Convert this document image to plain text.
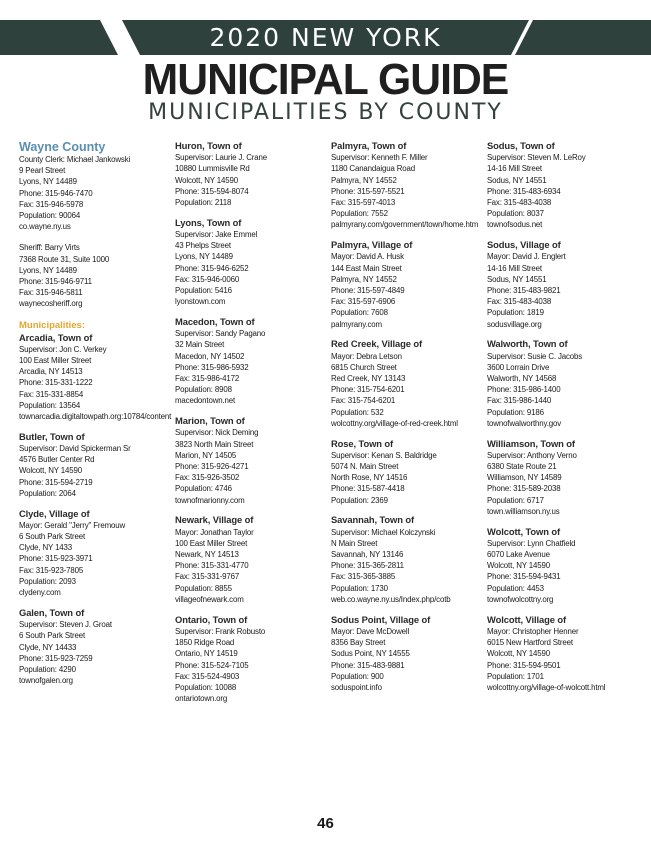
2020 NEW YORK
MUNICIPAL GUIDE
MUNICIPALITIES BY COUNTY
Wayne County
County Clerk: Michael Jankowski
9 Pearl Street
Lyons, NY 14489
Phone: 315-946-7470
Fax: 315-946-5978
Population: 90064
co.wayne.ny.us
Sheriff: Barry Virts
7368 Route 31, Suite 1000
Lyons, NY 14489
Phone: 315-946-9711
Fax: 315-946-5811
waynecosheriff.org
Municipalities:
Arcadia, Town of
Supervisor: Jon C. Verkey
100 East Miller Street
Arcadia, NY 14513
Phone: 315-331-1222
Fax: 315-331-8854
Population: 13564
townarcadia.digitaltowpath.org:10784/content
Butler, Town of
Supervisor: David Spickerman Sr
4576 Butler Center Rd
Wolcott, NY 14590
Phone: 315-594-2719
Population: 2064
Clyde, Village of
Mayor: Gerald "Jerry" Fremouw
6 South Park Street
Clyde, NY 1433
Phone: 315-923-3971
Fax: 315-923-7805
Population: 2093
clydeny.com
Galen, Town of
Supervisor: Steven J. Groat
6 South Park Street
Clyde, NY 14433
Phone: 315-923-7259
Population: 4290
townofgalen.org
Huron, Town of
Supervisor: Laurie J. Crane
10880 Lummisville Rd
Wolcott, NY 14590
Phone: 315-594-8074
Population: 2118
Lyons, Town of
Supervisor: Jake Emmel
43 Phelps Street
Lyons, NY 14489
Phone: 315-946-6252
Fax: 315-946-0060
Population: 5416
lyonstown.com
Macedon, Town of
Supervisor: Sandy Pagano
32 Main Street
Macedon, NY 14502
Phone: 315-986-5932
Fax: 315-986-4172
Population: 8908
macedontown.net
Marion, Town of
Supervisor: Nick Deming
3823 North Main Street
Marion, NY 14505
Phone: 315-926-4271
Fax: 315-926-3502
Population: 4746
townofmarionny.com
Newark, Village of
Mayor: Jonathan Taylor
100 East Miller Street
Newark, NY 14513
Phone: 315-331-4770
Fax: 315-331-9767
Population: 8855
villageofnewark.com
Ontario, Town of
Supervisor: Frank Robusto
1850 Ridge Road
Ontario, NY 14519
Phone: 315-524-7105
Fax: 315-524-4903
Population: 10088
ontariotown.org
Palmyra, Town of
Supervisor: Kenneth F. Miller
1180 Canandaigua Road
Palmyra, NY 14552
Phone: 315-597-5521
Fax: 315-597-4013
Population: 7552
palmyrany.com/government/town/home.htm
Palmyra, Village of
Mayor: David A. Husk
144 East Main Street
Palmyra, NY 14552
Phone: 315-597-4849
Fax: 315-597-6906
Population: 7608
palmyrany.com
Red Creek, Village of
Mayor: Debra Letson
6815 Church Street
Red Creek, NY 13143
Phone: 315-754-6201
Fax: 315-754-6201
Population: 532
wolcottny.org/village-of-red-creek.html
Rose, Town of
Supervisor: Kenan S. Baldridge
5074 N. Main Street
North Rose, NY 14516
Phone: 315-587-4418
Population: 2369
Savannah, Town of
Supervisor: Michael Kolczynski
N Main Street
Savannah, NY 13146
Phone: 315-365-2811
Fax: 315-365-3885
Population: 1730
web.co.wayne.ny.us/Index.php/cotb
Sodus Point, Village of
Mayor: Dave McDowell
8356 Bay Street
Sodus Point, NY 14555
Phone: 315-483-9881
Population: 900
soduspoint.info
Sodus, Town of
Supervisor: Steven M. LeRoy
14-16 Mill Street
Sodus, NY 14551
Phone: 315-483-6934
Fax: 315-483-4038
Population: 8037
townofsodus.net
Sodus, Village of
Mayor: David J. Englert
14-16 Mill Street
Sodus, NY 14551
Phone: 315-483-9821
Fax: 315-483-4038
Population: 1819
sodusvillage.org
Walworth, Town of
Supervisor: Susie C. Jacobs
3600 Lorrain Drive
Walworth, NY 14568
Phone: 315-986-1400
Fax: 315-986-1440
Population: 9186
townofwalworthny.gov
Williamson, Town of
Supervisor: Anthony Verno
6380 State Route 21
Williamson, NY 14589
Phone: 315-589-2038
Population: 6717
town.williamson.ny.us
Wolcott, Town of
Supervisor: Lynn Chatfield
6070 Lake Avenue
Wolcott, NY 14590
Phone: 315-594-9431
Population: 4453
townofwolcottny.org
Wolcott, Village of
Mayor: Christopher Henner
6015 New Hartford Street
Wolcott, NY 14590
Phone: 315-594-9501
Population: 1701
wolcottny.org/village-of-wolcott.html
46
